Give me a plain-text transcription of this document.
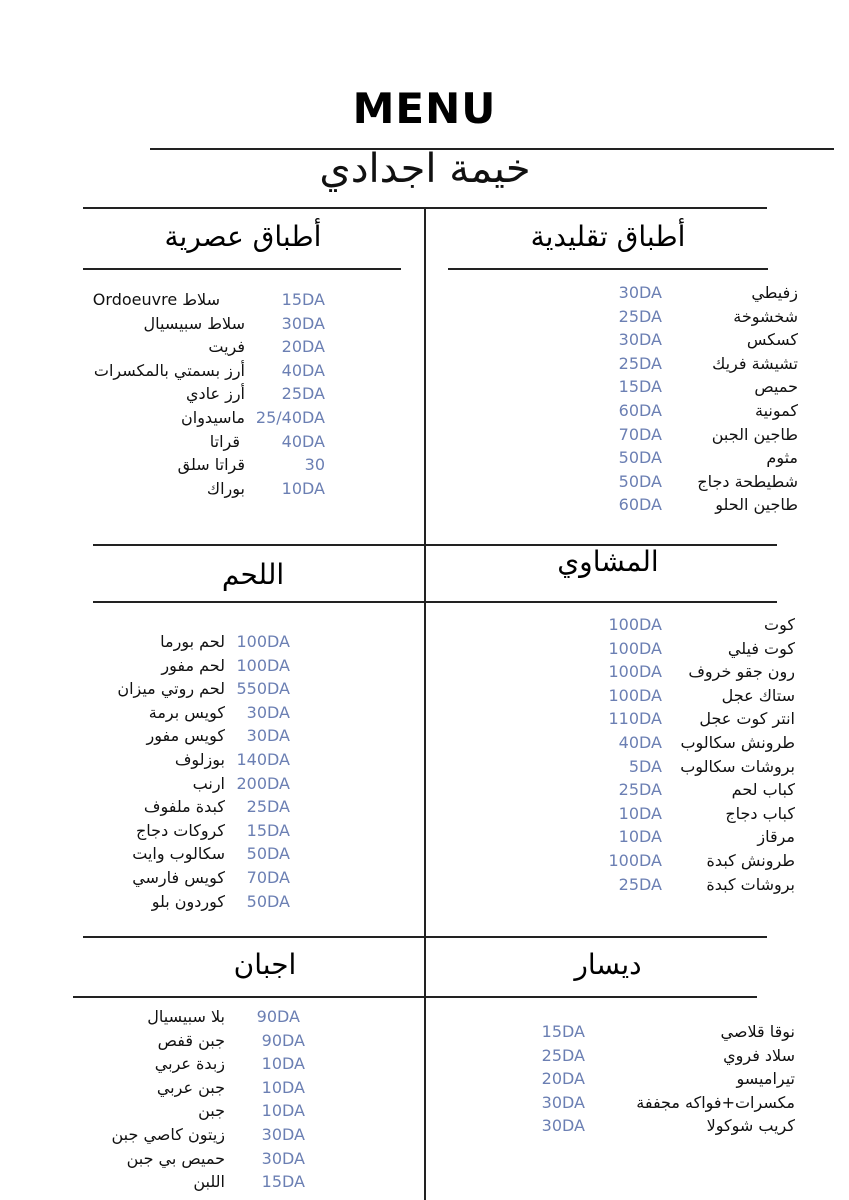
MENU
خيمة اجدادي
أطباق عصرية	أطباق تقليدية
سلاط Ordoeuvre	15DA
سلاط سبيسيال 30DA
فريت 20DA
أرز بسمتي بالمكسرات 40DA
أرز عادي 25DA
ماسيدوان 25/40DA
قراتا	40DA
قراتا سلق	30
بوراك 10DA
30DA	زفيطي
25DA	شخشوخة
30DA	كسكس
25DA	تشيشة فريك
15DA	حميص
60DA	كمونية
70DA	طاجين الجبن
50DA	مثوم
50DA شطيطحة دجاج
60DA	طاجين الحلو
اللحم	المشاوي
لحم بورما 100DA
لحم مفور 100DA
لحم روتي ميزان 550DA
كويس برمة 30DA
كويس مفور 30DA
بوزلوف 140DA
ارنب 200DA
كبدة ملفوف 25DA
كروكات دجاج 15DA
سكالوب وايت 50DA
كويس فارسي 70DA
كوردون بلو 50DA
100DA	كوت
100DA	كوت فيلي
100DA رون جقو خروف
100DA	ستاك عجل
110DA انتر كوت عجل
40DA طرونش سكالوب
5DA بروشات سكالوب
25DA	كباب لحم
10DA	كباب دجاج
10DA	مرقاز
100DA	طرونش كبدة
25DA	بروشات كبدة
اجبان	ديسار
بلا سبيسيال 90DA
جبن قفص 90DA
زبدة عربي 10DA
جبن عربي 10DA
جبن 10DA
زيتون كاصي جبن 30DA
حميص بي جبن 30DA
اللبن 15DA
15DA	نوقا قلاصي
25DA	سلاد فروي
20DA	تيراميسو
30DA	مكسرات+فواكه مجففة
30DA	كريب شوكولا
